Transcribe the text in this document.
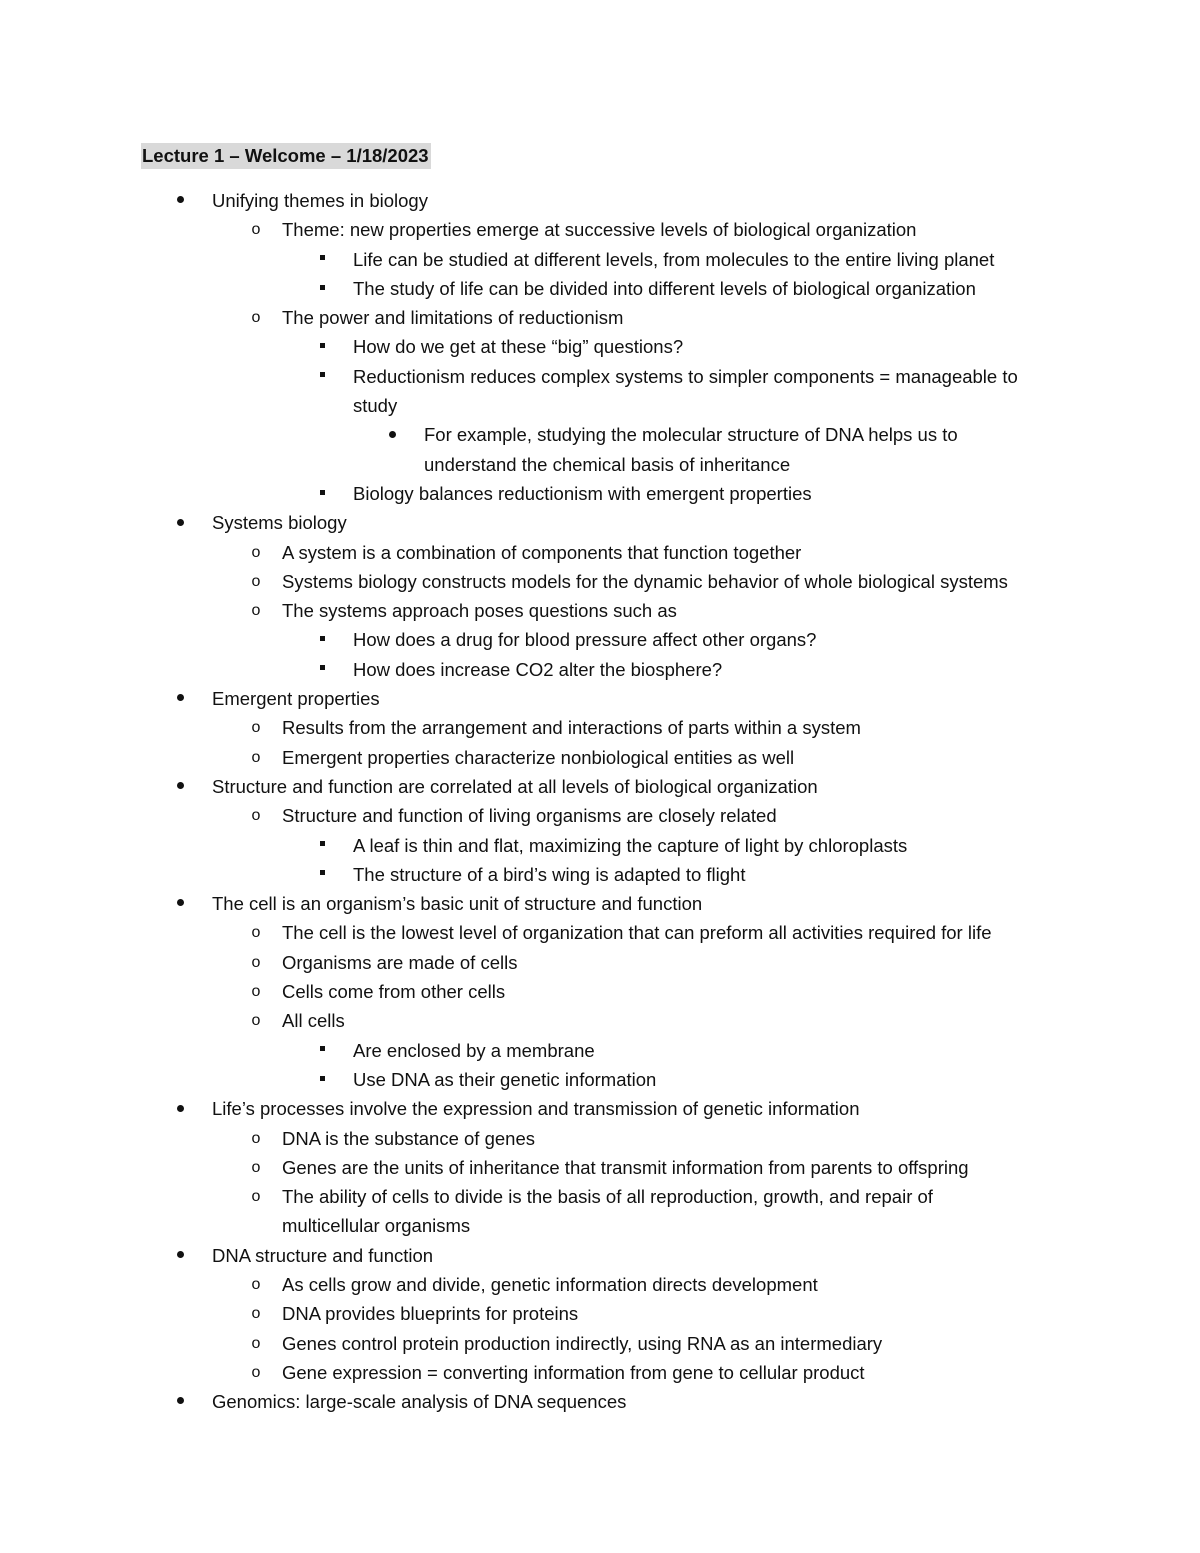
Lecture 1 – Welcome – 1/18/2023
Unifying themes in biology
o Theme: new properties emerge at successive levels of biological organization
Life can be studied at different levels, from molecules to the entire living planet
The study of life can be divided into different levels of biological organization
o The power and limitations of reductionism
How do we get at these “big” questions?
Reductionism reduces complex systems to simpler components = manageable to
study
For example, studying the molecular structure of DNA helps us to
understand the chemical basis of inheritance
Biology balances reductionism with emergent properties
Systems biology
o A system is a combination of components that function together
o Systems biology constructs models for the dynamic behavior of whole biological systems
o The systems approach poses questions such as
How does a drug for blood pressure affect other organs?
How does increase CO2 alter the biosphere?
Emergent properties
o Results from the arrangement and interactions of parts within a system
o Emergent properties characterize nonbiological entities as well
Structure and function are correlated at all levels of biological organization
o Structure and function of living organisms are closely related
A leaf is thin and flat, maximizing the capture of light by chloroplasts
The structure of a bird’s wing is adapted to flight
The cell is an organism’s basic unit of structure and function
o The cell is the lowest level of organization that can preform all activities required for life
o Organisms are made of cells
o Cells come from other cells
o All cells
Are enclosed by a membrane
Use DNA as their genetic information
Life’s processes involve the expression and transmission of genetic information
o DNA is the substance of genes
o Genes are the units of inheritance that transmit information from parents to offspring
o The ability of cells to divide is the basis of all reproduction, growth, and repair of
multicellular organisms
DNA structure and function
o As cells grow and divide, genetic information directs development
o DNA provides blueprints for proteins
o Genes control protein production indirectly, using RNA as an intermediary
o Gene expression = converting information from gene to cellular product
Genomics: large-scale analysis of DNA sequences
